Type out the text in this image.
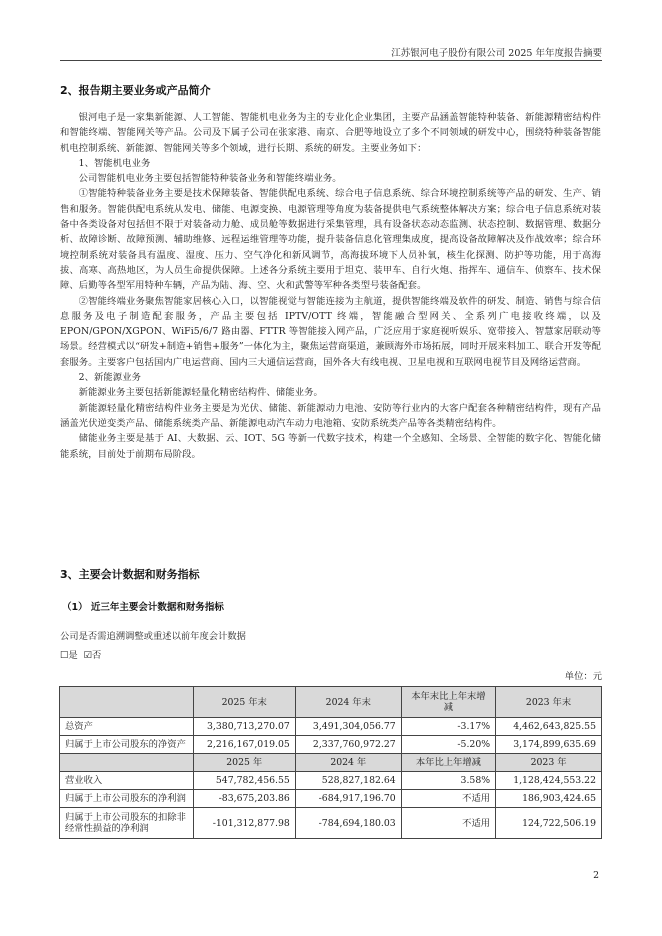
江苏银河电子股份有限公司 2025 年年度报告摘要
2、报告期主要业务或产品简介

银河电子是一家集新能源、人工智能、智能机电业务为主的专业化企业集团，主要产品涵盖智能特种装备、新能源精密结构件和智能终端、智能网关等产品。公司及下属子公司在张家港、南京、合肥等地设立了多个不同领域的研发中心，围绕特种装备智能机电控制系统、新能源、智能网关等多个领域，进行长期、系统的研发。主要业务如下：

1、智能机电业务

公司智能机电业务主要包括智能特种装备业务和智能终端业务。

①智能特种装备业务主要是技术保障装备、智能供配电系统、综合电子信息系统、综合环境控制系统等产品的研发、生产、销售和服务。智能供配电系统从发电、储能、电源变换、电源管理等角度为装备提供电气系统整体解决方案；综合电子信息系统对装备中各类设备对包括但不限于对装备动力舱、成员舱等数据进行采集管理，具有设备状态动态监测、状态控制、数据管理、数据分析、故障诊断、故障预测、辅助维修、远程运维管理等功能，提升装备信息化管理集成度，提高设备故障解决及作战效率；综合环境控制系统对装备具有温度、湿度、压力、空气净化和新风调节，高海拔环境下人员补氧，核生化探测、防护等功能，用于高海拔、高寒、高热地区，为人员生命提供保障。上述各分系统主要用于坦克、装甲车、自行火炮、指挥车、通信车、侦察车、技术保障、后勤等各型军用特种车辆，产品为陆、海、空、火和武警等军种各类型号装备配套。

②智能终端业务聚焦智能家居核心入口，以智能视觉与智能连接为主航道，提供智能终端及软件的研发、制造、销售与综合信息服务及电子制造配套服务，产品主要包括 IPTV/OTT 终端，智能融合型网关、全系列广电接收终端，以及 EPON/GPON/XGPON、WiFi5/6/7 路由器、FTTR 等智能接入网产品，广泛应用于家庭视听娱乐、宽带接入、智慧家居联动等场景。经营模式以“研发+制造+销售+服务”一体化为主，聚焦运营商渠道，兼顾海外市场拓展，同时开展来料加工、联合开发等配套服务。主要客户包括国内广电运营商、国内三大通信运营商，国外各大有线电视、卫星电视和互联网电视节目及网络运营商。

2、新能源业务

新能源业务主要包括新能源轻量化精密结构件、储能业务。

新能源轻量化精密结构件业务主要是为光伏、储能、新能源动力电池、安防等行业内的大客户配套各种精密结构件，现有产品涵盖光伏逆变类产品、储能系统类产品、新能源电动汽车动力电池箱、安防系统类产品等各类精密结构件。

储能业务主要是基于 AI、大数据、云、IOT、5G 等新一代数字技术，构建一个全感知、全场景、全智能的数字化、智能化储能系统，目前处于前期布局阶段。

3、主要会计数据和财务指标
（1） 近三年主要会计数据和财务指标
公司是否需追溯调整或重述以前年度会计数据
☐是 ☑否
单位：元
	2025 年末	2024 年末	本年末比上年末增减	2023 年末
总资产	3,380,713,270.07	3,491,304,056.77	-3.17%	4,462,643,825.55
归属于上市公司股东的净资产	2,216,167,019.05	2,337,760,972.27	-5.20%	3,174,899,635.69
	2025 年	2024 年	本年比上年增减	2023 年
营业收入	547,782,456.55	528,827,182.64	3.58%	1,128,424,553.22
归属于上市公司股东的净利润	-83,675,203.86	-684,917,196.70	不适用	186,903,424.65
归属于上市公司股东的扣除非经常性损益的净利润	-101,312,877.98	-784,694,180.03	不适用	124,722,506.19
2
